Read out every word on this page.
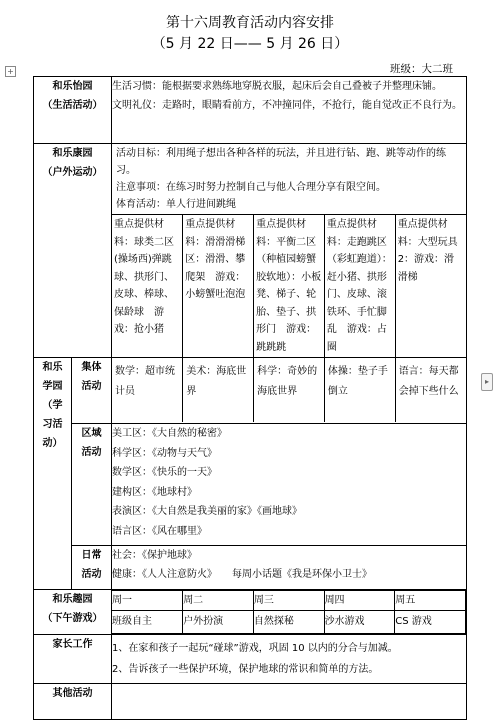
第十六周教育活动内容安排
（5 月 22 日—— 5 月 26 日）
班级：大二班
+
▸
和乐怡园
（生活活动）

生活习惯：能根据要求熟练地穿脱衣服，起床后会自己叠被子并整理床铺。
文明礼仪：走路时，眼睛看前方，不冲撞同伴，不抢行，能自觉改正不良行为。

和乐康园
（户外运动）

活动目标：利用绳子想出各种各样的玩法，并且进行钻、跑、跳等动作的练习。
注意事项：在练习时努力控制自己与他人合理分享有限空间。
体育活动：单人行进间跳绳
重点提供材料：球类二区(操场西)弹跳球、拱形门、皮球、棒球、保龄球　游戏：抢小猪	重点提供材料：滑滑滑梯区：滑滑、攀爬架　游戏：小螃蟹吐泡泡	重点提供材料：平衡二区（种植园螃蟹胶软地）：小板凳、梯子、轮胎、垫子、拱形门　游戏：跳跳跳	重点提供材料：走跑跳区（彩虹跑道）：赶小猪、拱形门、皮球、滚铁环、手忙脚乱　游戏：占圈	重点提供材料：大型玩具2：游戏：滑滑梯

和乐
学园
（学
习活
动）

集体
活动

数学：超市统计员	美术：海底世界	科学：奇妙的海底世界	体操：垫子手倒立	语言：每天都会掉下些什么

区域
活动

美工区：《大自然的秘密》
科学区：《动物与天气》
数学区：《快乐的一天》
建构区：《地球村》
表演区：《大自然是我美丽的家》《画地球》
语言区：《风在哪里》

日常
活动

社会：《保护地球》
健康：《人人注意防火》　　每周小话题《我是环保小卫士》

和乐趣园
（下午游戏）

周一	周二	周三	周四	周五
班级自主	户外扮演	自然探秘	沙水游戏	CS 游戏

家长工作	1、在家和孩子一起玩“碰球”游戏，巩固 10 以内的分合与加减。
2、告诉孩子一些保护环境，保护地球的常识和简单的方法。

其他活动
